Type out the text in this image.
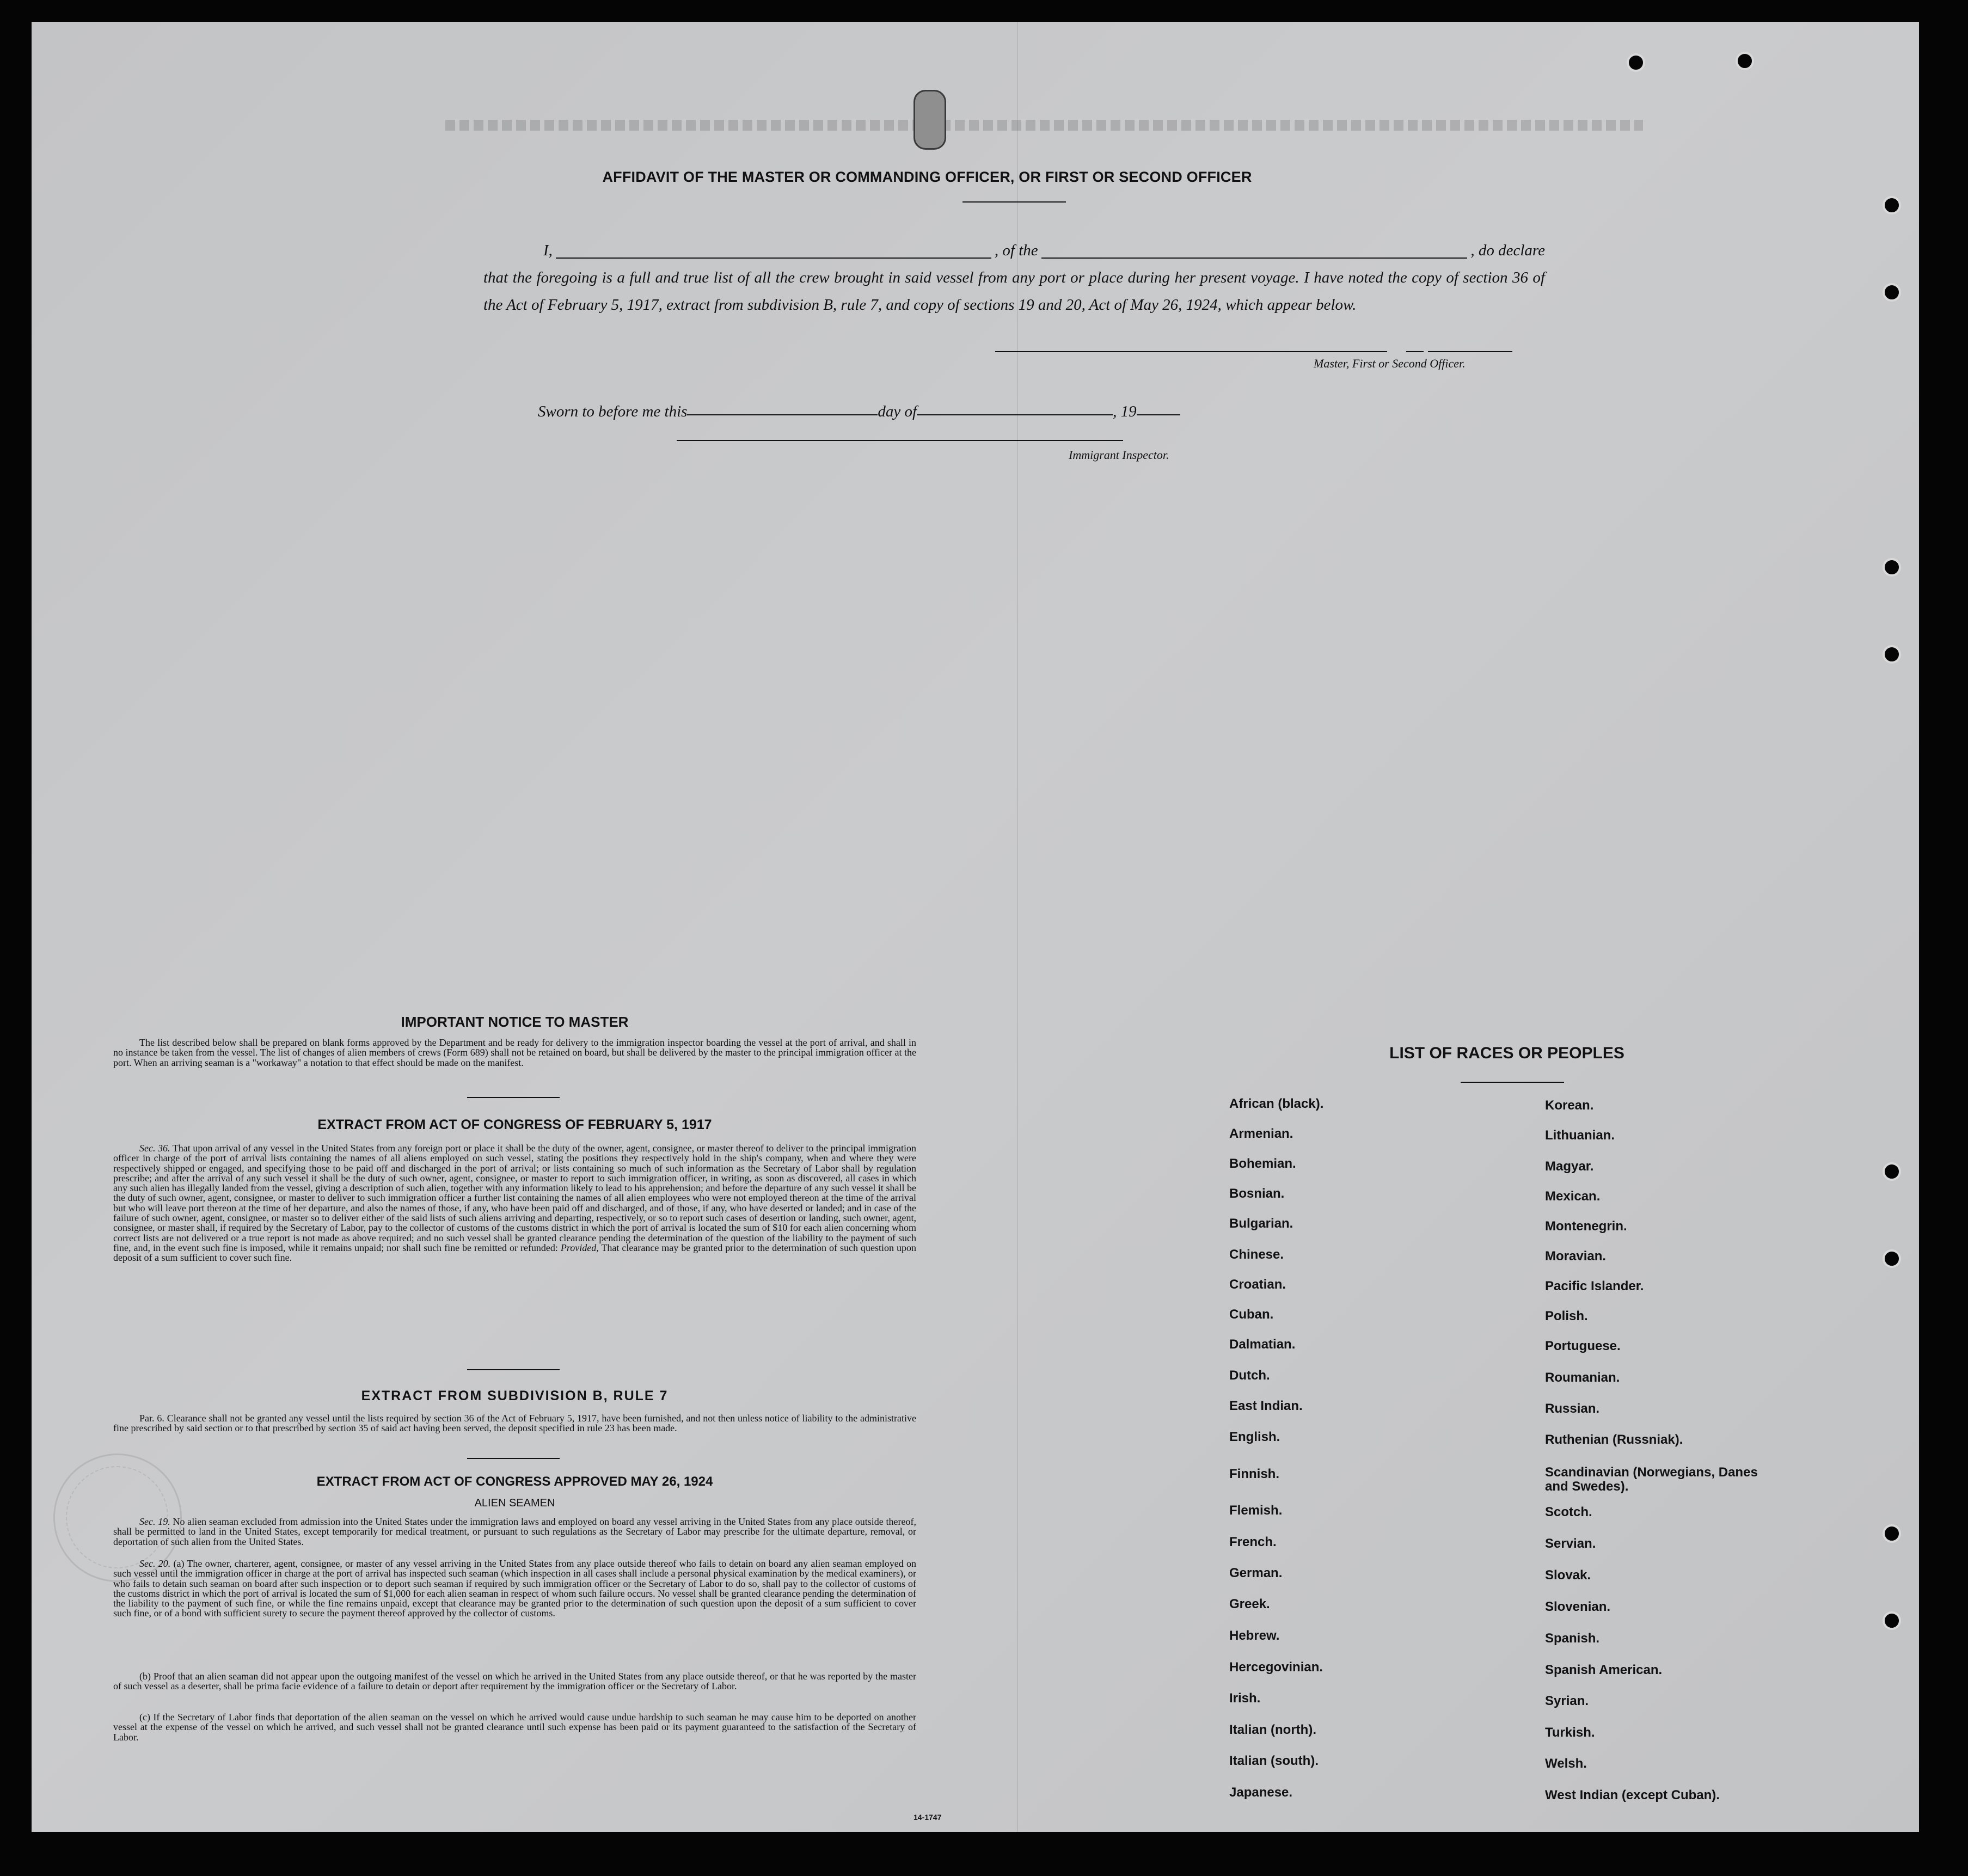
AFFIDAVIT OF THE MASTER OR COMMANDING OFFICER, OR FIRST OR SECOND OFFICER
I,	, of the	, do declare
that the foregoing is a full and true list of all the crew brought in said vessel from any port or place during her present voyage. I have noted the copy of section 36 of the Act of February 5, 1917, extract from subdivision B, rule 7, and copy of sections 19 and 20, Act of May 26, 1924, which appear below.
Master, First or Second Officer.
Sworn to before me this	day of	, 19
Immigrant Inspector.
IMPORTANT NOTICE TO MASTER
The list described below shall be prepared on blank forms approved by the Department and be ready for delivery to the immigration inspector boarding the vessel at the port of arrival, and shall in no instance be taken from the vessel. The list of changes of alien members of crews (Form 689) shall not be retained on board, but shall be delivered by the master to the principal immigration officer at the port. When an arriving seaman is a "workaway" a notation to that effect should be made on the manifest.
EXTRACT FROM ACT OF CONGRESS OF FEBRUARY 5, 1917
Sec. 36. That upon arrival of any vessel in the United States from any foreign port or place it shall be the duty of the owner, agent, consignee, or master thereof to deliver to the principal immigration officer in charge of the port of arrival lists containing the names of all aliens employed on such vessel, stating the positions they respectively hold in the ship's company, when and where they were respectively shipped or engaged, and specifying those to be paid off and discharged in the port of arrival; or lists containing so much of such information as the Secretary of Labor shall by regulation prescribe; and after the arrival of any such vessel it shall be the duty of such owner, agent, consignee, or master to report to such immigration officer, in writing, as soon as discovered, all cases in which any such alien has illegally landed from the vessel, giving a description of such alien, together with any information likely to lead to his apprehension; and before the departure of any such vessel it shall be the duty of such owner, agent, consignee, or master to deliver to such immigration officer a further list containing the names of all alien employees who were not employed thereon at the time of the arrival but who will leave port thereon at the time of her departure, and also the names of those, if any, who have been paid off and discharged, and of those, if any, who have deserted or landed; and in case of the failure of such owner, agent, consignee, or master so to deliver either of the said lists of such aliens arriving and departing, respectively, or so to report such cases of desertion or landing, such owner, agent, consignee, or master shall, if required by the Secretary of Labor, pay to the collector of customs of the customs district in which the port of arrival is located the sum of $10 for each alien concerning whom correct lists are not delivered or a true report is not made as above required; and no such vessel shall be granted clearance pending the determination of the question of the liability to the payment of such fine, and, in the event such fine is imposed, while it remains unpaid; nor shall such fine be remitted or refunded: Provided, That clearance may be granted prior to the determination of such question upon deposit of a sum sufficient to cover such fine.
EXTRACT FROM SUBDIVISION B, RULE 7
Par. 6. Clearance shall not be granted any vessel until the lists required by section 36 of the Act of February 5, 1917, have been furnished, and not then unless notice of liability to the administrative fine prescribed by said section or to that prescribed by section 35 of said act having been served, the deposit specified in rule 23 has been made.
EXTRACT FROM ACT OF CONGRESS APPROVED MAY 26, 1924
ALIEN SEAMEN
Sec. 19. No alien seaman excluded from admission into the United States under the immigration laws and employed on board any vessel arriving in the United States from any place outside thereof, shall be permitted to land in the United States, except temporarily for medical treatment, or pursuant to such regulations as the Secretary of Labor may prescribe for the ultimate departure, removal, or deportation of such alien from the United States.
Sec. 20. (a) The owner, charterer, agent, consignee, or master of any vessel arriving in the United States from any place outside thereof who fails to detain on board any alien seaman employed on such vessel until the immigration officer in charge at the port of arrival has inspected such seaman (which inspection in all cases shall include a personal physical examination by the medical examiners), or who fails to detain such seaman on board after such inspection or to deport such seaman if required by such immigration officer or the Secretary of Labor to do so, shall pay to the collector of customs of the customs district in which the port of arrival is located the sum of $1,000 for each alien seaman in respect of whom such failure occurs. No vessel shall be granted clearance pending the determination of the liability to the payment of such fine, or while the fine remains unpaid, except that clearance may be granted prior to the determination of such question upon the deposit of a sum sufficient to cover such fine, or of a bond with sufficient surety to secure the payment thereof approved by the collector of customs.
(b) Proof that an alien seaman did not appear upon the outgoing manifest of the vessel on which he arrived in the United States from any place outside thereof, or that he was reported by the master of such vessel as a deserter, shall be prima facie evidence of a failure to detain or deport after requirement by the immigration officer or the Secretary of Labor.
(c) If the Secretary of Labor finds that deportation of the alien seaman on the vessel on which he arrived would cause undue hardship to such seaman he may cause him to be deported on another vessel at the expense of the vessel on which he arrived, and such vessel shall not be granted clearance until such expense has been paid or its payment guaranteed to the satisfaction of the Secretary of Labor.
14-1747
LIST OF RACES OR PEOPLES
African (black).
Armenian.
Bohemian.
Bosnian.
Bulgarian.
Chinese.
Croatian.
Cuban.
Dalmatian.
Dutch.
East Indian.
English.
Finnish.
Flemish.
French.
German.
Greek.
Hebrew.
Hercegovinian.
Irish.
Italian (north).
Italian (south).
Japanese.
Korean.
Lithuanian.
Magyar.
Mexican.
Montenegrin.
Moravian.
Pacific Islander.
Polish.
Portuguese.
Roumanian.
Russian.
Ruthenian (Russniak).
Scandinavian (Norwegians, Danes and Swedes).
Scotch.
Servian.
Slovak.
Slovenian.
Spanish.
Spanish American.
Syrian.
Turkish.
Welsh.
West Indian (except Cuban).
